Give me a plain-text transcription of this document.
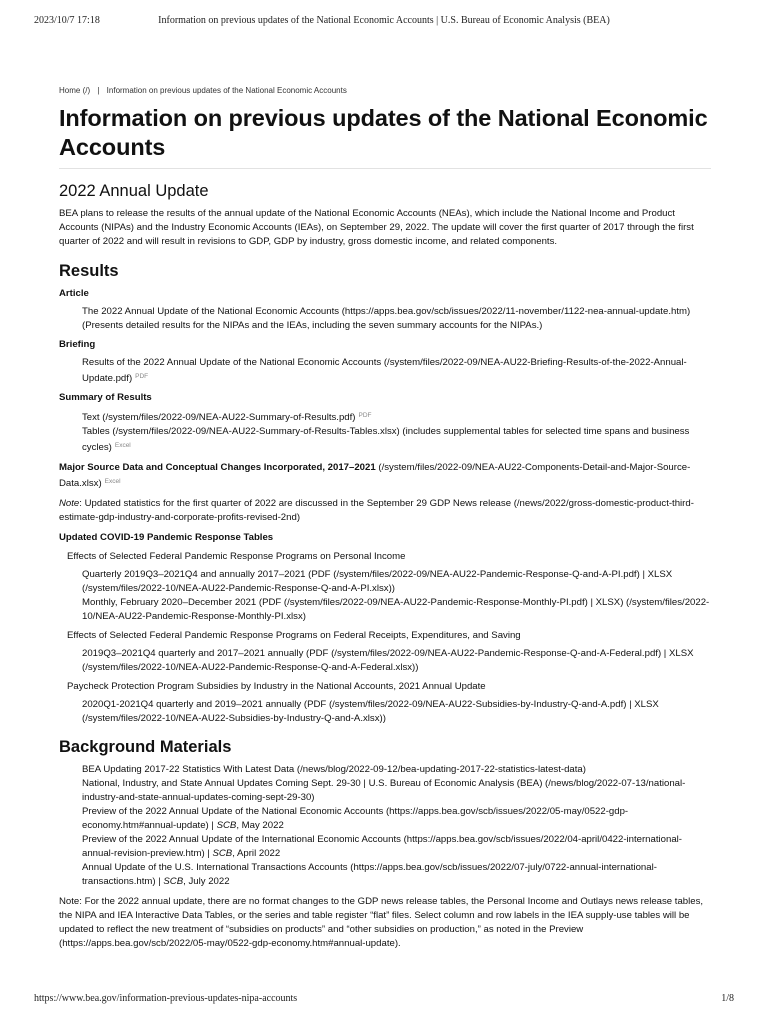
2023/10/7 17:18	Information on previous updates of the National Economic Accounts | U.S. Bureau of Economic Analysis (BEA)
Home (/) | Information on previous updates of the National Economic Accounts
Information on previous updates of the National Economic Accounts
2022 Annual Update

BEA plans to release the results of the annual update of the National Economic Accounts (NEAs), which include the National Income and Product Accounts (NIPAs) and the Industry Economic Accounts (IEAs), on September 29, 2022. The update will cover the first quarter of 2017 through the first quarter of 2022 and will result in revisions to GDP, GDP by industry, gross domestic income, and related components.

Results
Article
The 2022 Annual Update of the National Economic Accounts (https://apps.bea.gov/scb/issues/2022/11-november/1122-nea-annual-update.htm) (Presents detailed results for the NIPAs and the IEAs, including the seven summary accounts for the NIPAs.)
Briefing
Results of the 2022 Annual Update of the National Economic Accounts (/system/files/2022-09/NEA-AU22-Briefing-Results-of-the-2022-Annual-Update.pdf) $^{PDF}$
Summary of Results
Text (/system/files/2022-09/NEA-AU22-Summary-of-Results.pdf) $^{PDF}$
Tables (/system/files/2022-09/NEA-AU22-Summary-of-Results-Tables.xlsx) (includes supplemental tables for selected time spans and business cycles) $^{Excel}$
Major Source Data and Conceptual Changes Incorporated, 2017–2021 (/system/files/2022-09/NEA-AU22-Components-Detail-and-Major-Source-Data.xlsx) $^{Excel}$
Note: Updated statistics for the first quarter of 2022 are discussed in the September 29 GDP News release (/news/2022/gross-domestic-product-third-estimate-gdp-industry-and-corporate-profits-revised-2nd)
Updated COVID-19 Pandemic Response Tables
Effects of Selected Federal Pandemic Response Programs on Personal Income
Quarterly 2019Q3–2021Q4 and annually 2017–2021 (PDF (/system/files/2022-09/NEA-AU22-Pandemic-Response-Q-and-A-PI.pdf) | XLSX (/system/files/2022-10/NEA-AU22-Pandemic-Response-Q-and-A-PI.xlsx))
Monthly, February 2020–December 2021 (PDF (/system/files/2022-09/NEA-AU22-Pandemic-Response-Monthly-PI.pdf) | XLSX) (/system/files/2022-10/NEA-AU22-Pandemic-Response-Monthly-PI.xlsx)
Effects of Selected Federal Pandemic Response Programs on Federal Receipts, Expenditures, and Saving
2019Q3–2021Q4 quarterly and 2017–2021 annually (PDF (/system/files/2022-09/NEA-AU22-Pandemic-Response-Q-and-A-Federal.pdf) | XLSX (/system/files/2022-10/NEA-AU22-Pandemic-Response-Q-and-A-Federal.xlsx))
Paycheck Protection Program Subsidies by Industry in the National Accounts, 2021 Annual Update
2020Q1-2021Q4 quarterly and 2019–2021 annually (PDF (/system/files/2022-09/NEA-AU22-Subsidies-by-Industry-Q-and-A.pdf) | XLSX (/system/files/2022-10/NEA-AU22-Subsidies-by-Industry-Q-and-A.xlsx))
Background Materials
BEA Updating 2017-22 Statistics With Latest Data (/news/blog/2022-09-12/bea-updating-2017-22-statistics-latest-data)
National, Industry, and State Annual Updates Coming Sept. 29-30 | U.S. Bureau of Economic Analysis (BEA) (/news/blog/2022-07-13/national-industry-and-state-annual-updates-coming-sept-29-30)
Preview of the 2022 Annual Update of the National Economic Accounts (https://apps.bea.gov/scb/issues/2022/05-may/0522-gdp-economy.htm#annual-update) | SCB, May 2022
Preview of the 2022 Annual Update of the International Economic Accounts (https://apps.bea.gov/scb/issues/2022/04-april/0422-international-annual-revision-preview.htm) | SCB, April 2022
Annual Update of the U.S. International Transactions Accounts (https://apps.bea.gov/scb/issues/2022/07-july/0722-annual-international-transactions.htm) | SCB, July 2022

Note: For the 2022 annual update, there are no format changes to the GDP news release tables, the Personal Income and Outlays news release tables, the NIPA and IEA Interactive Data Tables, or the series and table register “flat” files. Select column and row labels in the IEA supply-use tables will be updated to reflect the new treatment of “subsidies on products” and “other subsidies on production,” as noted in the Preview (https://apps.bea.gov/scb/2022/05-may/0522-gdp-economy.htm#annual-update).

https://www.bea.gov/information-previous-updates-nipa-accounts	1/8
